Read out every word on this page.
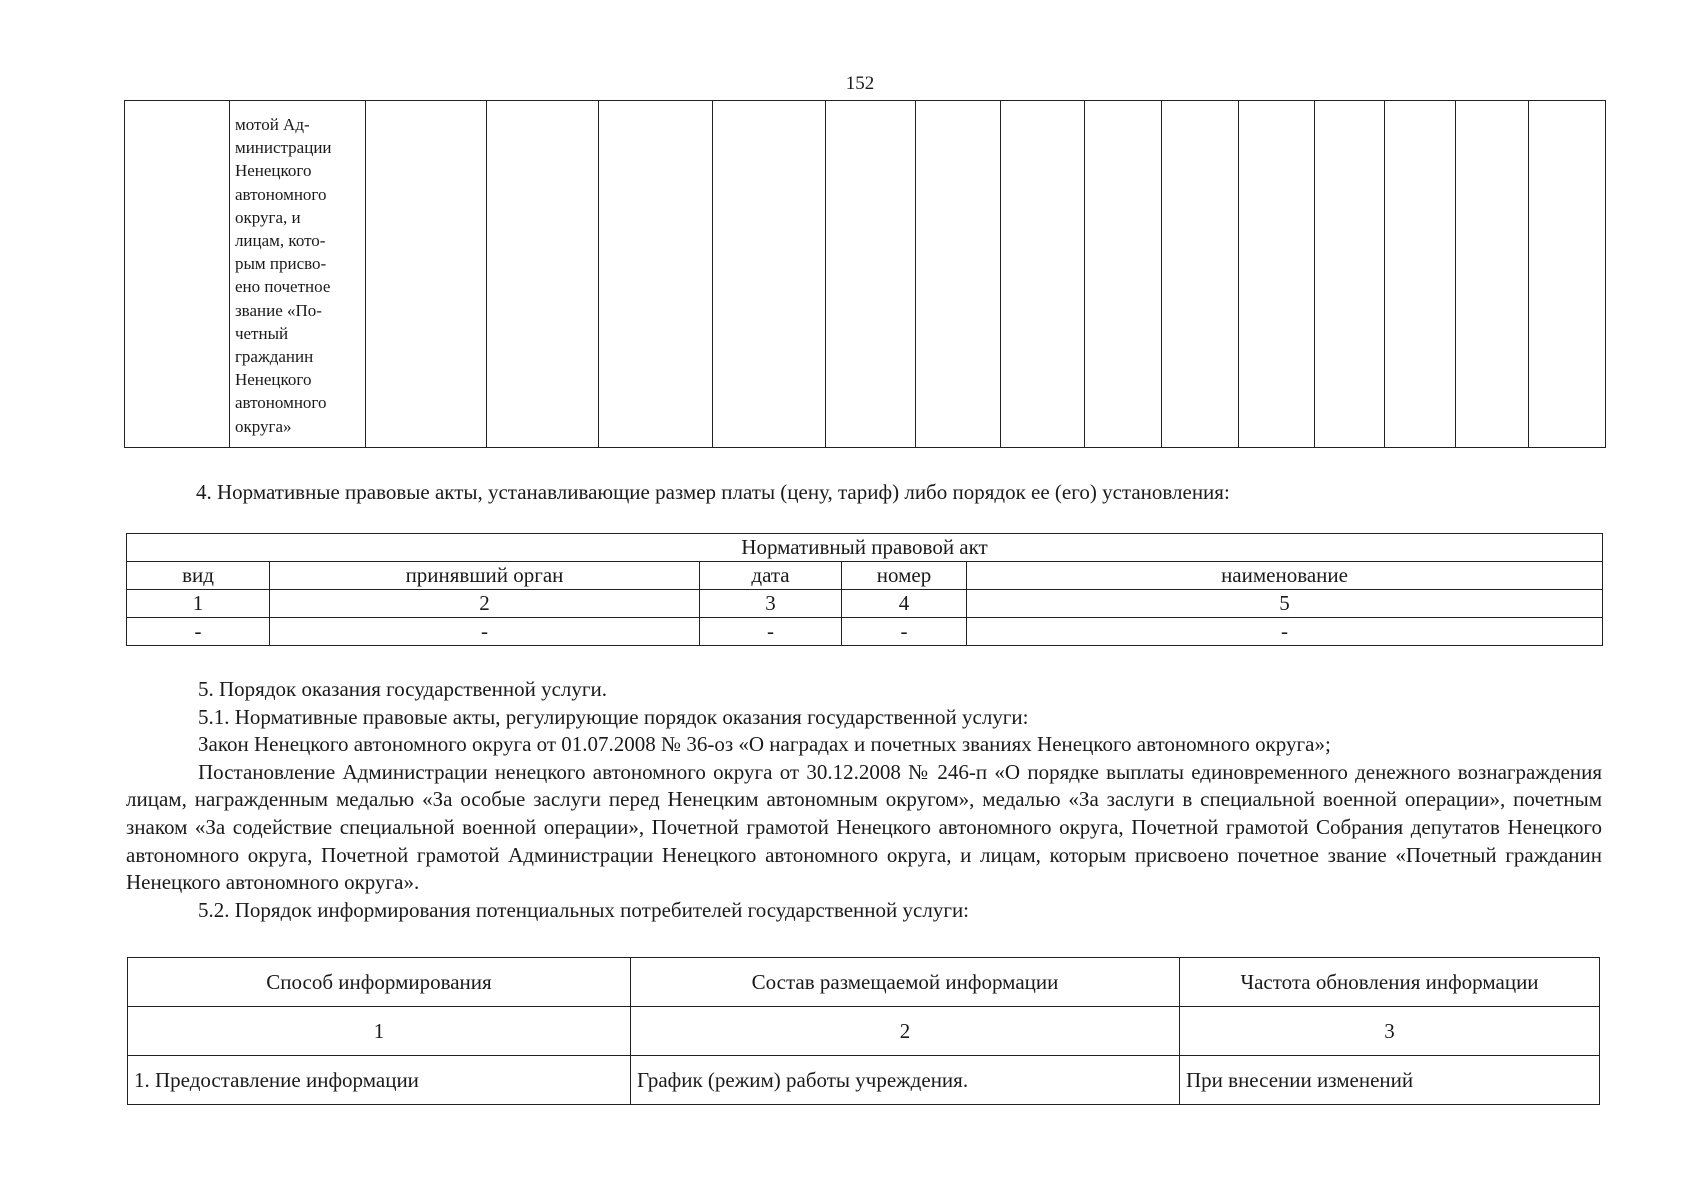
152

мотой Ад-
министрации
Ненецкого
автономного
округа, и
лицам, кото-
рым присво-
ено почетное
звание «По-
четный
гражданин
Ненецкого
автономного
округа»

4. Нормативные правовые акты, устанавливающие размер платы (цену, тариф) либо порядок ее (его) установления:

Нормативный правовой акт				
вид	принявший орган	дата	номер	наименование
1	2	3	4	5
-	-	-	-	-

5. Порядок оказания государственной услуги.

5.1. Нормативные правовые акты, регулирующие порядок оказания государственной услуги:

Закон Ненецкого автономного округа от 01.07.2008 № 36-оз «О наградах и почетных званиях Ненецкого автономного округа»;

Постановление Администрации ненецкого автономного округа от 30.12.2008 № 246-п «О порядке выплаты единовременного денежного вознаграждения лицам, награжденным медалью «За особые заслуги перед Ненецким автономным округом», медалью «За заслуги в специальной военной операции», почетным знаком «За содействие специальной военной операции», Почетной грамотой Ненецкого автономного округа, Почетной грамотой Собрания депутатов Ненецкого автономного округа, Почетной грамотой Администрации Ненецкого автономного округа, и лицам, которым присвоено почетное звание «Почетный гражданин Ненецкого автономного округа».

5.2. Порядок информирования потенциальных потребителей государственной услуги:

Способ информирования	Состав размещаемой информации	Частота обновления информации
1	2	3
1. Предоставление информации	График (режим) работы учреждения.	При внесении изменений
